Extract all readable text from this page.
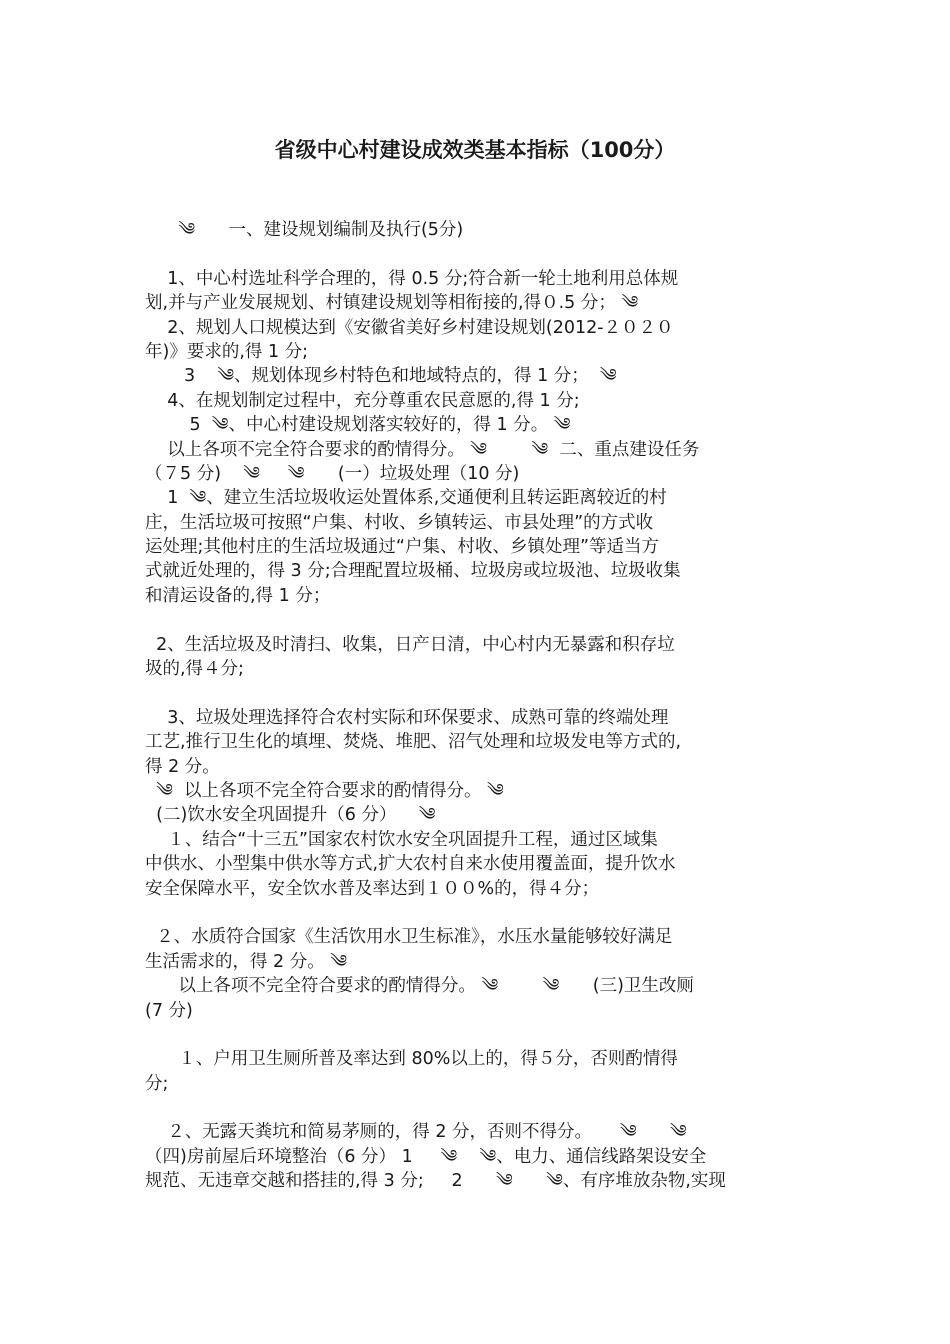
省级中心村建设成效类基本指标（100分）
༄      一、建设规划编制及执行(5分)
1、中心村选址科学合理的，得 0.5 分;符合新一轮土地利用总体规
划,并与产业发展规划、村镇建设规划等相衔接的,得０.5 分； ༄
2、规划人口规模达到《安徽省美好乡村建设规划(2012-２０２０
年)》要求的,得 1 分;
3    ༄、规划体现乡村特色和地域特点的，得 1 分；  ༄
4、在规划制定过程中，充分尊重农民意愿的,得 1 分;
5  ༄、中心村建设规划落实较好的，得 1 分。 ༄
以上各项不完全符合要求的酌情得分。 ༄        ༄  二、重点建设任务
（７5 分)    ༄     ༄      (一）垃圾处理（10 分)
1  ༄、建立生活垃圾收运处置体系,交通便利且转运距离较近的村
庄，生活垃圾可按照“户集、村收、乡镇转运、市县处理”的方式收
运处理;其他村庄的生活垃圾通过“户集、村收、乡镇处理”等适当方
式就近处理的，得 3 分;合理配置垃圾桶、垃圾房或垃圾池、垃圾收集
和清运设备的,得 1 分；
2、生活垃圾及时清扫、收集，日产日清，中心村内无暴露和积存垃
圾的,得４分;
3、垃圾处理选择符合农村实际和环保要求、成熟可靠的终端处理
工艺,推行卫生化的填埋、焚烧、堆肥、沼气处理和垃圾发电等方式的,
得 2 分。
༄  以上各项不完全符合要求的酌情得分。 ༄
(二)饮水安全巩固提升（6 分）    ༄
１、结合“十三五”国家农村饮水安全巩固提升工程，通过区域集
中供水、小型集中供水等方式,扩大农村自来水使用覆盖面，提升饮水
安全保障水平，安全饮水普及率达到１００%的，得４分；
２、水质符合国家《生活饮用水卫生标准》，水压水量能够较好满足
生活需求的，得 2 分。 ༄
以上各项不完全符合要求的酌情得分。 ༄        ༄      (三)卫生改厕
(7 分)
１、户用卫生厕所普及率达到 80%以上的，得５分，否则酌情得
分;
２、无露天粪坑和简易茅厕的，得 2 分，否则不得分。     ༄      ༄
（四)房前屋后环境整治（6 分） 1     ༄    ༄、电力、通信线路架设安全
规范、无违章交越和搭挂的,得 3 分;     2      ༄      ༄、有序堆放杂物,实现
